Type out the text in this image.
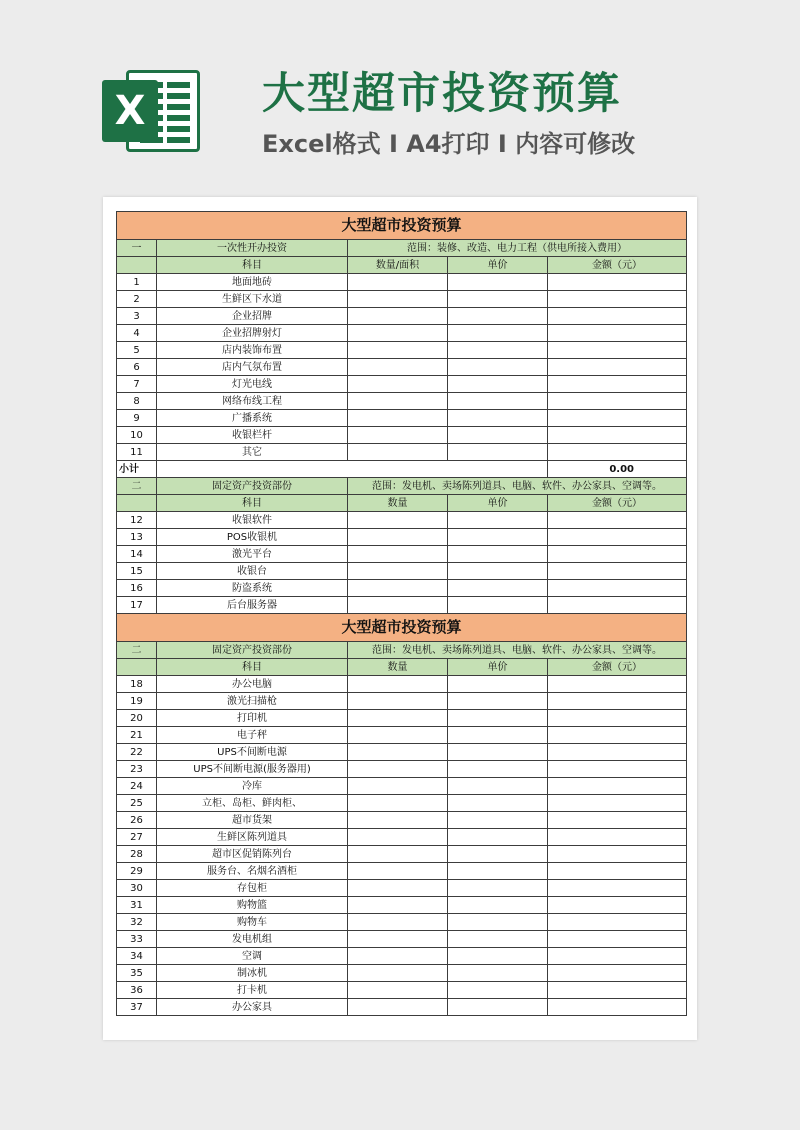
X	大型超市投资预算
Excel格式 I A4打印 I 内容可修改
大型超市投资预算				
一	一次性开办投资	范围：装修、改造、电力工程（供电所接入费用）		
	科目	数量/面积	单价	金额（元）
1	地面地砖			
2	生鲜区下水道			
3	企业招牌			
4	企业招牌射灯			
5	店内装饰布置			
6	店内气氛布置			
7	灯光电线			
8	网络布线工程			
9	广播系统			
10	收银栏杆			
11	其它			
小计				0.00
二	固定资产投资部份	范围：发电机、卖场陈列道具、电脑、软件、办公家具、空调等。		
	科目	数量	单价	金额（元）
12	收银软件			
13	POS收银机			
14	激光平台			
15	收银台			
16	防盗系统			
17	后台服务器			
大型超市投资预算				
二	固定资产投资部份	范围：发电机、卖场陈列道具、电脑、软件、办公家具、空调等。		
	科目	数量	单价	金额（元）
18	办公电脑			
19	激光扫描枪			
20	打印机			
21	电子秤			
22	UPS不间断电源			
23	UPS不间断电源(服务器用)			
24	冷库			
25	立柜、岛柜、鲜肉柜、			
26	超市货架			
27	生鲜区陈列道具			
28	超市区促销陈列台			
29	服务台、名烟名酒柜			
30	存包柜			
31	购物篮			
32	购物车			
33	发电机组			
34	空调			
35	制冰机			
36	打卡机			
37	办公家具			
